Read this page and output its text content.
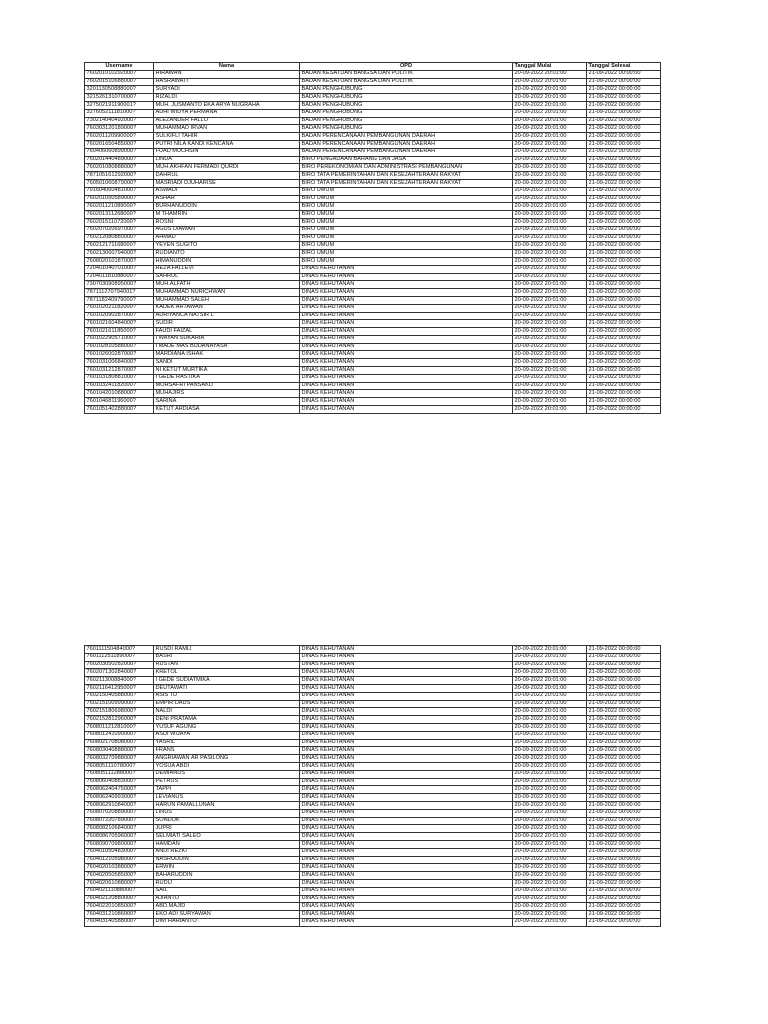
Username	Nama	OPD	Tanggal Mulai	Tanggal Selesai
760201010292000?	HIRAWAN	BADAN KESATUAN BANGSA DAN POLITIK	20-09-2022 20:01:00	21-09-2022 00:00:00
760201510688000?	HASRAWATI	BADAN KESATUAN BANGSA DAN POLITIK	20-09-2022 20:01:00	21-09-2022 00:00:00
320113050888000?	SURYADI	BADAN PENGHUBUNG	20-09-2022 20:01:00	21-09-2022 00:00:00
321526131070000?	RIZALDI	BADAN PENGHUBUNG	20-09-2022 20:01:00	21-09-2022 00:00:00
327502191190001?	MUH. JUSMANTO EKA ARYA NUGRAHA	BADAN PENGHUBUNG	20-09-2022 20:01:00	21-09-2022 00:00:00
327605211181000?	ADHI WIDYA PERMANA	BADAN PENGHUBUNG	20-09-2022 20:01:00	21-09-2022 00:00:00
730214040492000?	ALEZANDER FALLO	BADAN PENGHUBUNG	20-09-2022 20:01:00	21-09-2022 00:00:00
760303120189000?	MUHAMMAD IRVAN	BADAN PENGHUBUNG	20-09-2022 20:01:00	21-09-2022 00:00:00
760201120990000?	SULKIFLI TAHIR	BADAN PERENCANAAN PEMBANGUNAN DAERAH	20-09-2022 20:01:00	21-09-2022 00:00:00
760201650485000?	PUTRI NILA KANDI KENCANA	BADAN PERENCANAAN PEMBANGUNAN DAERAH	20-09-2022 20:01:00	21-09-2022 00:00:00
760406060899000?	FUAD MUCHSIN	BADAN PERENCANAAN PEMBANGUNAN DAERAH	20-09-2022 20:01:00	21-09-2022 00:00:00
760201440489000?	LINDA	BIRO PENGADAAN BARANG DAN JASA	20-09-2022 20:01:00	21-09-2022 00:00:00
760201080888000?	MUH.AKHFAN FERMADI QURDI	BIRO PEREKONOMIAN DAN ADMINISTRASI PEMBANGUNAN	20-09-2022 20:01:00	21-09-2022 00:00:00
787105161292000?	DAHRUL	BIRO TATA PEMERINTAHAN DAN KESEJAHTERAAN RAKYAT	20-09-2022 20:01:00	21-09-2022 00:00:00
760501060879000?	MASRIADI DJUHARISE	BIRO TATA PEMERINTAHAN DAN KESEJAHTERAAN RAKYAT	20-09-2022 20:01:00	21-09-2022 00:00:00
791604060481000?	ASWADI	BIRO UMUM	20-09-2022 20:01:00	21-09-2022 00:00:00
760201050589000?	ASHAR	BIRO UMUM	20-09-2022 20:01:00	21-09-2022 00:00:00
760201121089000?	BURHANUDDIN	BIRO UMUM	20-09-2022 20:01:00	21-09-2022 00:00:00
760201311268000?	M THAMRIN	BIRO UMUM	20-09-2022 20:01:00	21-09-2022 00:00:00
760201511072000?	ROSNI	BIRO UMUM	20-09-2022 20:01:00	21-09-2022 00:00:00
760207020697000?	AGUS DIAWAN	BIRO UMUM	20-09-2022 20:01:00	21-09-2022 00:00:00
760212080880000?	AHMAD	BIRO UMUM	20-09-2022 20:01:00	21-09-2022 00:00:00
760212171168000?	YEYEN SUGITO	BIRO UMUM	20-09-2022 20:01:00	21-09-2022 00:00:00
760213060794000?	RUDIANTO	BIRO UMUM	20-09-2022 20:01:00	21-09-2022 00:00:00
760802010187000?	HIMANUDDIN	BIRO UMUM	20-09-2022 20:01:00	21-09-2022 00:00:00
720401040701000?	REZA FALLEVI	DINAS KEHUTANAN	20-09-2022 20:01:00	21-09-2022 00:00:00
720401181088000?	SAHRUL	DINAS KEHUTANAN	20-09-2022 20:01:00	21-09-2022 00:00:00
730703090895000?	MUH.ALFATH	DINAS KEHUTANAN	20-09-2022 20:01:00	21-09-2022 00:00:00
787111270794001?	MUHAMMAD NURICHWAN	DINAS KEHUTANAN	20-09-2022 20:01:00	21-09-2022 00:00:00
787118240979000?	MUHAMMAD SALEH	DINAS KEHUTANAN	20-09-2022 20:01:00	21-09-2022 00:00:00
760102021182000?	KADEK ARTAWAN	DINAS KEHUTANAN	20-09-2022 20:01:00	21-09-2022 00:00:00
760102090287000?	ADRIYANCA NATSIR L	DINAS KEHUTANAN	20-09-2022 20:01:00	21-09-2022 00:00:00
760102160484000?	SUDIR	DINAS KEHUTANAN	20-09-2022 20:01:00	21-09-2022 00:00:00
760102161185000?	FAUDI FAIZAL	DINAS KEHUTANAN	20-09-2022 20:01:00	21-09-2022 00:00:00
760102290571000?	I WAYAN SUKARIA	DINAS KEHUTANAN	20-09-2022 20:01:00	21-09-2022 00:00:00
760102810588000?	I MADE MAS BUDANAYASA	DINAS KEHUTANAN	20-09-2022 20:01:00	21-09-2022 00:00:00
760102600287000?	MARDIANA ISHAK	DINAS KEHUTANAN	20-09-2022 20:01:00	21-09-2022 00:00:00
760103100684000?	SANDI	DINAS KEHUTANAN	20-09-2022 20:01:00	21-09-2022 00:00:00
760103121287000?	NI KETUT MURTIKA	DINAS KEHUTANAN	20-09-2022 20:01:00	21-09-2022 00:00:00
760103180881000?	I GEDE RASTIKA	DINAS KEHUTANAN	20-09-2022 20:01:00	21-09-2022 00:00:00
760103241182000?	MOHSAFRI PANSAKU	DINAS KEHUTANAN	20-09-2022 20:01:00	21-09-2022 00:00:00
760104201088000?	MUHAJIRS	DINAS KEHUTANAN	20-09-2022 20:01:00	21-09-2022 00:00:00
760104681196000?	SARINA	DINAS KEHUTANAN	20-09-2022 20:01:00	21-09-2022 00:00:00
760105140288000?	KETUT ARDIASA	DINAS KEHUTANAN	20-09-2022 20:01:00	21-09-2022 00:00:00
760111150484000?	RUSDI RAMLI	DINAS KEHUTANAN	20-09-2022 20:01:00	21-09-2022 00:00:00
760111251189000?	BASRI	DINAS KEHUTANAN	20-09-2022 20:01:00	21-09-2022 00:00:00
760203050282000?	RUSTAN	DINAS KEHUTANAN	20-09-2022 20:01:00	21-09-2022 00:00:00
760207130284000?	KRETOL	DINAS KEHUTANAN	20-09-2022 20:01:00	21-09-2022 00:00:00
760211300884000?	I GEDE SUDIATMIKA	DINAS KEHUTANAN	20-09-2022 20:01:00	21-09-2022 00:00:00
760211641295000?	DEUTAWATI	DINAS KEHUTANAN	20-09-2022 20:01:00	21-09-2022 00:00:00
760215040588000?	ASIS TD	DINAS KEHUTANAN	20-09-2022 20:01:00	21-09-2022 00:00:00
760215100999000?	EMPIR DAUS	DINAS KEHUTANAN	20-09-2022 20:01:00	21-09-2022 00:00:00
760215180698000?	NALDI	DINAS KEHUTANAN	20-09-2022 20:01:00	21-09-2022 00:00:00
760215281296000?	DENI PRATAMA	DINAS KEHUTANAN	20-09-2022 20:01:00	21-09-2022 00:00:00
760801121281000?	YUSUF AGUNG	DINAS KEHUTANAN	20-09-2022 20:01:00	21-09-2022 00:00:00
760801241090000?	ASDI WIJAYA	DINAS KEHUTANAN	20-09-2022 20:01:00	21-09-2022 00:00:00
760802170808000?	YASRIL	DINAS KEHUTANAN	20-09-2022 20:01:00	21-09-2022 00:00:00
760803040888000?	FRANS	DINAS KEHUTANAN	20-09-2022 20:01:00	21-09-2022 00:00:00
760803270988000?	ANGRIAWAN AR PASILONG	DINAS KEHUTANAN	20-09-2022 20:01:00	21-09-2022 00:00:00
760805111078000?	YOSUA ABDI	DINAS KEHUTANAN	20-09-2022 20:01:00	21-09-2022 00:00:00
760805111288000?	DEMIANUS	DINAS KEHUTANAN	20-09-2022 20:01:00	21-09-2022 00:00:00
760806040883000?	PETRUS	DINAS KEHUTANAN	20-09-2022 20:01:00	21-09-2022 00:00:00
760806240475000?	TAPPI	DINAS KEHUTANAN	20-09-2022 20:01:00	21-09-2022 00:00:00
760806240993000?	LEVIANUS	DINAS KEHUTANAN	20-09-2022 20:01:00	21-09-2022 00:00:00
760806291084000?	HARUN PAMALLUNAN	DINAS KEHUTANAN	20-09-2022 20:01:00	21-09-2022 00:00:00
760807020889000?	LINUS	DINAS KEHUTANAN	20-09-2022 20:01:00	21-09-2022 00:00:00
760807220789000?	SONDOK	DINAS KEHUTANAN	20-09-2022 20:01:00	21-09-2022 00:00:00
760808210684000?	JUPRI	DINAS KEHUTANAN	20-09-2022 20:01:00	21-09-2022 00:00:00
760808670596000?	SELMIATI SALEO	DINAS KEHUTANAN	20-09-2022 20:01:00	21-09-2022 00:00:00
760809070980000?	HAMDAN	DINAS KEHUTANAN	20-09-2022 20:01:00	21-09-2022 00:00:00
760401050483000?	ANDI REZKI	DINAS KEHUTANAN	20-09-2022 20:01:00	21-09-2022 00:00:00
760401210598000?	NASRUDDIN	DINAS KEHUTANAN	20-09-2022 20:01:00	21-09-2022 00:00:00
760402010388000?	ERWIN	DINAS KEHUTANAN	20-09-2022 20:01:00	21-09-2022 00:00:00
760402050585000?	BAHARUDDIN	DINAS KEHUTANAN	20-09-2022 20:01:00	21-09-2022 00:00:00
760402061088000?	RUDIJ	DINAS KEHUTANAN	20-09-2022 20:01:00	21-09-2022 00:00:00
760402111088000?	SAIL	DINAS KEHUTANAN	20-09-2022 20:01:00	21-09-2022 00:00:00
760402120880000?	AJIANTO	DINAS KEHUTANAN	20-09-2022 20:01:00	21-09-2022 00:00:00
760402201085000?	ABD.MAJID	DINAS KEHUTANAN	20-09-2022 20:01:00	21-09-2022 00:00:00
760403121086000?	EKO ADI SURYAWAN	DINAS KEHUTANAN	20-09-2022 20:01:00	21-09-2022 00:00:00
760403140588000?	DWI HARIANTO	DINAS KEHUTANAN	20-09-2022 20:01:00	21-09-2022 00:00:00
